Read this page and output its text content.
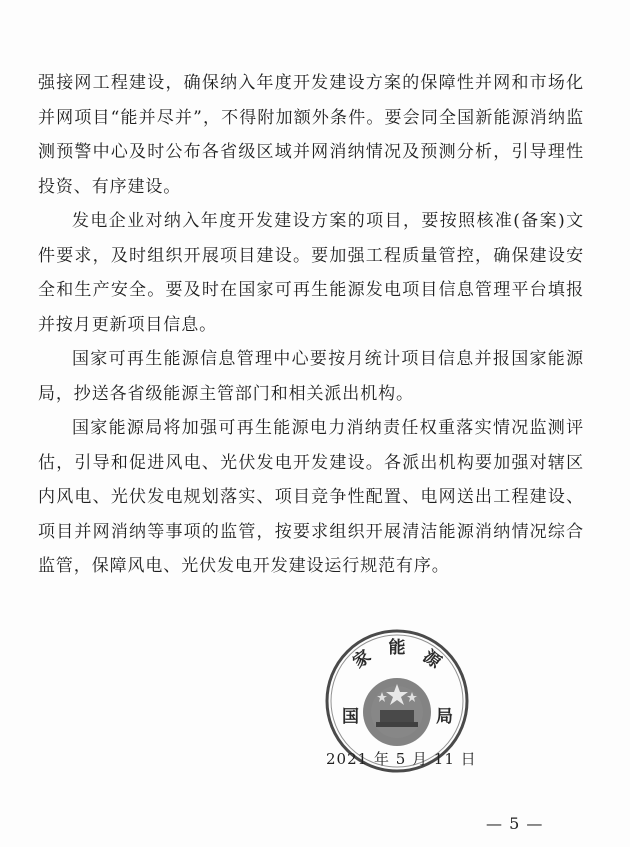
强接网工程建设，确保纳入年度开发建设方案的保障性并网和市场化并网项目“能并尽并”，不得附加额外条件。要会同全国新能源消纳监测预警中心及时公布各省级区域并网消纳情况及预测分析，引导理性投资、有序建设。

发电企业对纳入年度开发建设方案的项目，要按照核准(备案)文件要求，及时组织开展项目建设。要加强工程质量管控，确保建设安全和生产安全。要及时在国家可再生能源发电项目信息管理平台填报并按月更新项目信息。

国家可再生能源信息管理中心要按月统计项目信息并报国家能源局，抄送各省级能源主管部门和相关派出机构。

国家能源局将加强可再生能源电力消纳责任权重落实情况监测评估，引导和促进风电、光伏发电开发建设。各派出机构要加强对辖区内风电、光伏发电规划落实、项目竞争性配置、电网送出工程建设、项目并网消纳等事项的监管，按要求组织开展清洁能源消纳情况综合监管，保障风电、光伏发电开发建设运行规范有序。

家　能　源
国	局
2021 年 5 月 11 日
— 5 —
